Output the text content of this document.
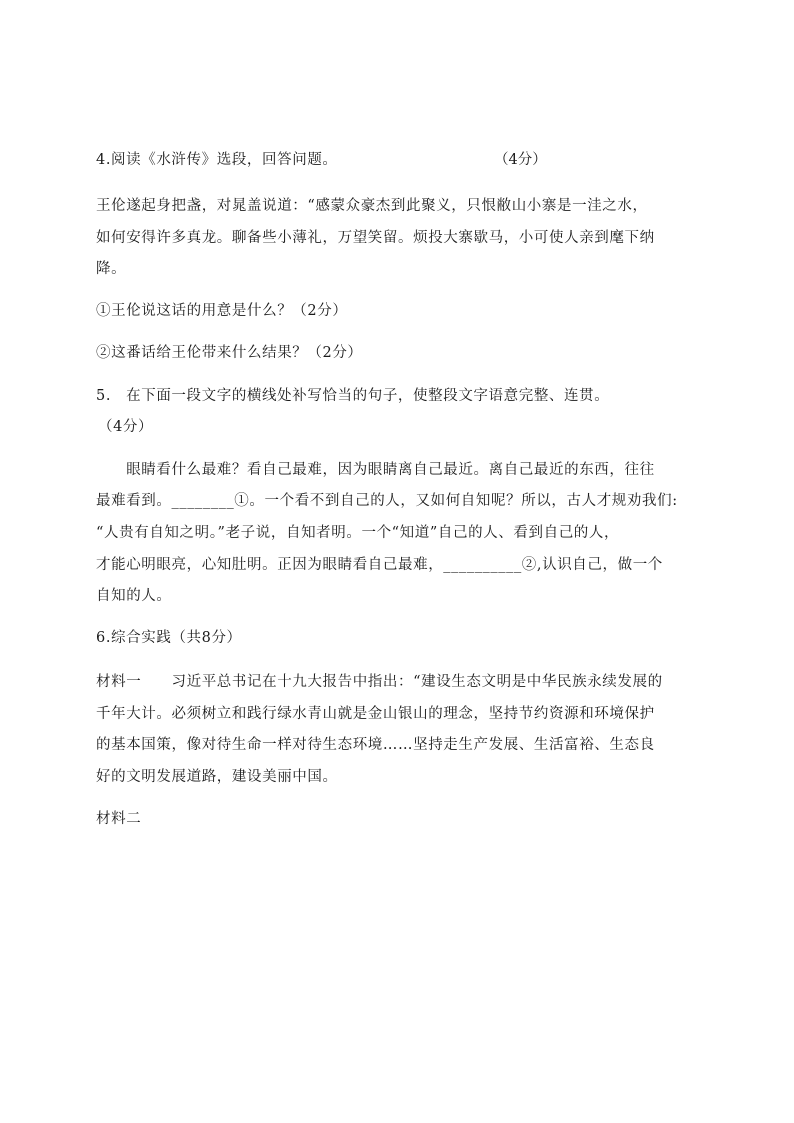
4.阅读《水浒传》选段，回答问题。	（4分）
王伦遂起身把盏，对晁盖说道：“感蒙众豪杰到此聚义，只恨敝山小寨是一洼之水，
如何安得许多真龙。聊备些小薄礼，万望笑留。烦投大寨歇马，小可使人亲到麾下纳
降。
①王伦说这话的用意是什么？（2分）
②这番话给王伦带来什么结果？（2分）
5.　在下面一段文字的横线处补写恰当的句子，使整段文字语意完整、连贯。
（4分）
　　眼睛看什么最难？看自己最难，因为眼睛离自己最近。离自己最近的东西，往往
最难看到。________①。一个看不到自己的人，又如何自知呢？所以，古人才规劝我们:
“人贵有自知之明。”老子说，自知者明。一个“知道”自己的人、看到自己的人，
才能心明眼亮，心知肚明。正因为眼睛看自己最难，__________②,认识自己，做一个
自知的人。
6.综合实践（共8分）
材料一　　习近平总书记在十九大报告中指出：“建设生态文明是中华民族永续发展的
千年大计。必须树立和践行绿水青山就是金山银山的理念，坚持节约资源和环境保护
的基本国策，像对待生命一样对待生态环境……坚持走生产发展、生活富裕、生态良
好的文明发展道路，建设美丽中国。
材料二
